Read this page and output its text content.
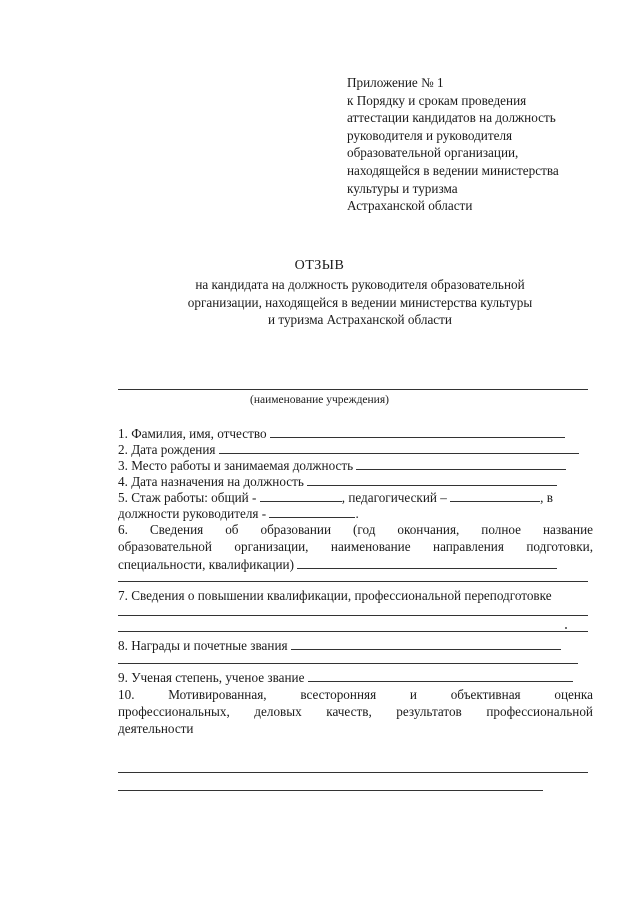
Приложение № 1
к Порядку и срокам проведения
аттестации кандидатов на должность
руководителя и руководителя
образовательной организации,
находящейся в ведении министерства
культуры и туризма
Астраханской области
ОТЗЫВ
на кандидата на должность руководителя образовательной
организации, находящейся в ведении министерства культуры
и туризма Астраханской области
(наименование учреждения)
1. Фамилия, имя, отчество
2. Дата рождения
3. Место работы и занимаемая должность
4. Дата назначения на должность
5. Стаж работы: общий -	, педагогический –	, в
должности руководителя -	.
6. Сведения об образовании (год окончания, полное название
образовательной организации, наименование направления подготовки,
специальности, квалификации)
7. Сведения о повышении квалификации, профессиональной переподготовке
8. Награды и почетные звания
9. Ученая степень, ученое звание
10. Мотивированная, всесторонняя и объективная оценка
профессиональных, деловых качеств, результатов профессиональной
деятельности
